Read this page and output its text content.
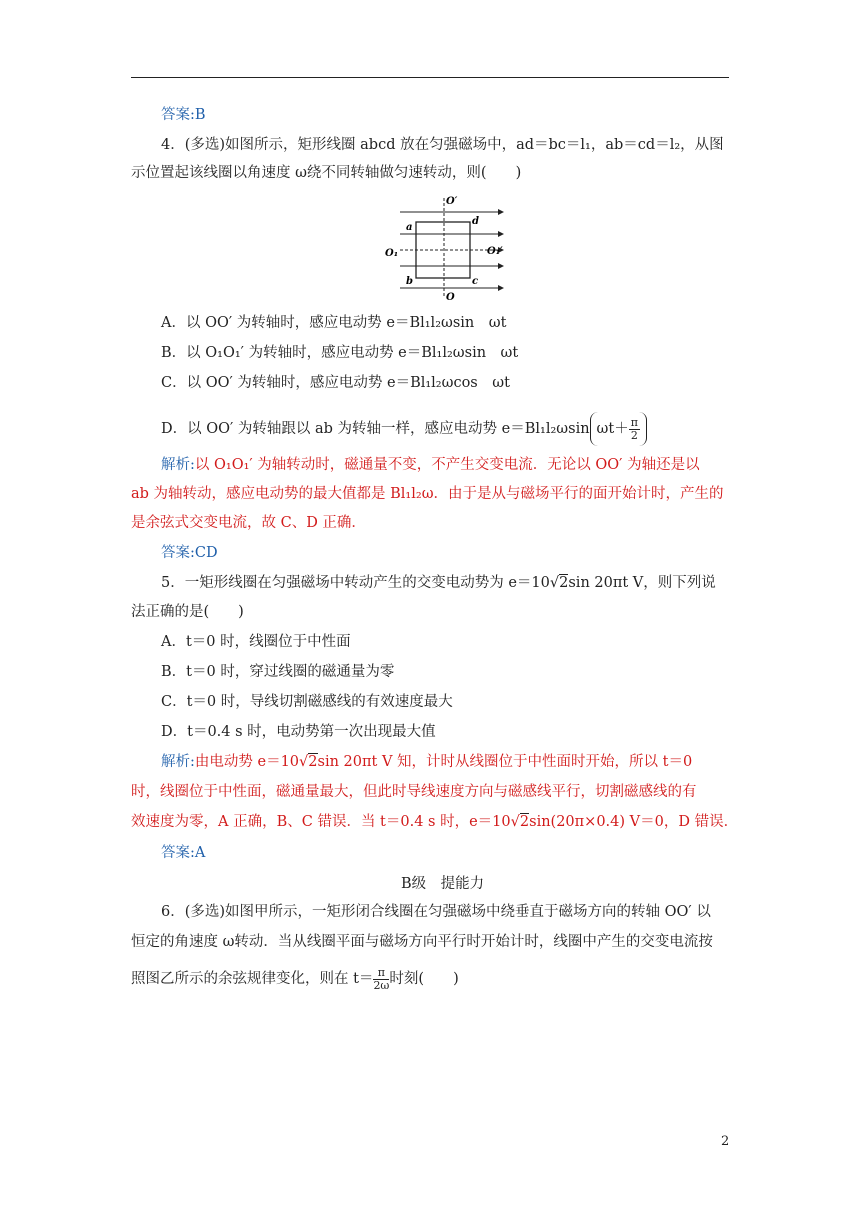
答案:B
4．(多选)如图所示，矩形线圈 abcd 放在匀强磁场中，ad＝bc＝l₁，ab＝cd＝l₂，从图
示位置起该线圈以角速度 ω绕不同转轴做匀速转动，则(　　)
O′
O
O₁	O₁′
a
d
b	c
A．以 OO′ 为转轴时，感应电动势 e＝Bl₁l₂ωsin　ωt
B．以 O₁O₁′ 为转轴时，感应电动势 e＝Bl₁l₂ωsin　ωt
C．以 OO′ 为转轴时，感应电动势 e＝Bl₁l₂ωcos　ωt
D．以 OO′ 为转轴跟以 ab 为转轴一样，感应电动势 e＝Bl₁l₂ωsin $\omega t+ \frac{\pi}{2}$
解析:以 O₁O₁′ 为轴转动时，磁通量不变，不产生交变电流．无论以 OO′ 为轴还是以
ab 为轴转动，感应电动势的最大值都是 Bl₁l₂ω．由于是从与磁场平行的面开始计时，产生的
是余弦式交变电流，故 C、D 正确．
答案:CD
5．一矩形线圈在匀强磁场中转动产生的交变电动势为 e＝10√2sin 20πt V，则下列说
法正确的是(　　)
A．t＝0 时，线圈位于中性面
B．t＝0 时，穿过线圈的磁通量为零
C．t＝0 时，导线切割磁感线的有效速度最大
D．t＝0.4 s 时，电动势第一次出现最大值
解析:由电动势 e＝10√2sin 20πt V 知，计时从线圈位于中性面时开始，所以 t＝0
时，线圈位于中性面，磁通量最大，但此时导线速度方向与磁感线平行，切割磁感线的有
效速度为零，A 正确，B、C 错误．当 t＝0.4 s 时，e＝10√2sin(20π×0.4) V＝0，D 错误．
答案:A
B级　提能力
6．(多选)如图甲所示，一矩形闭合线圈在匀强磁场中绕垂直于磁场方向的转轴 OO′ 以
恒定的角速度 ω转动．当从线圈平面与磁场方向平行时开始计时，线圈中产生的交变电流按
照图乙所示的余弦规律变化，则在 $t= \frac{\pi}{2\omega}$ 时刻(　　)
2
